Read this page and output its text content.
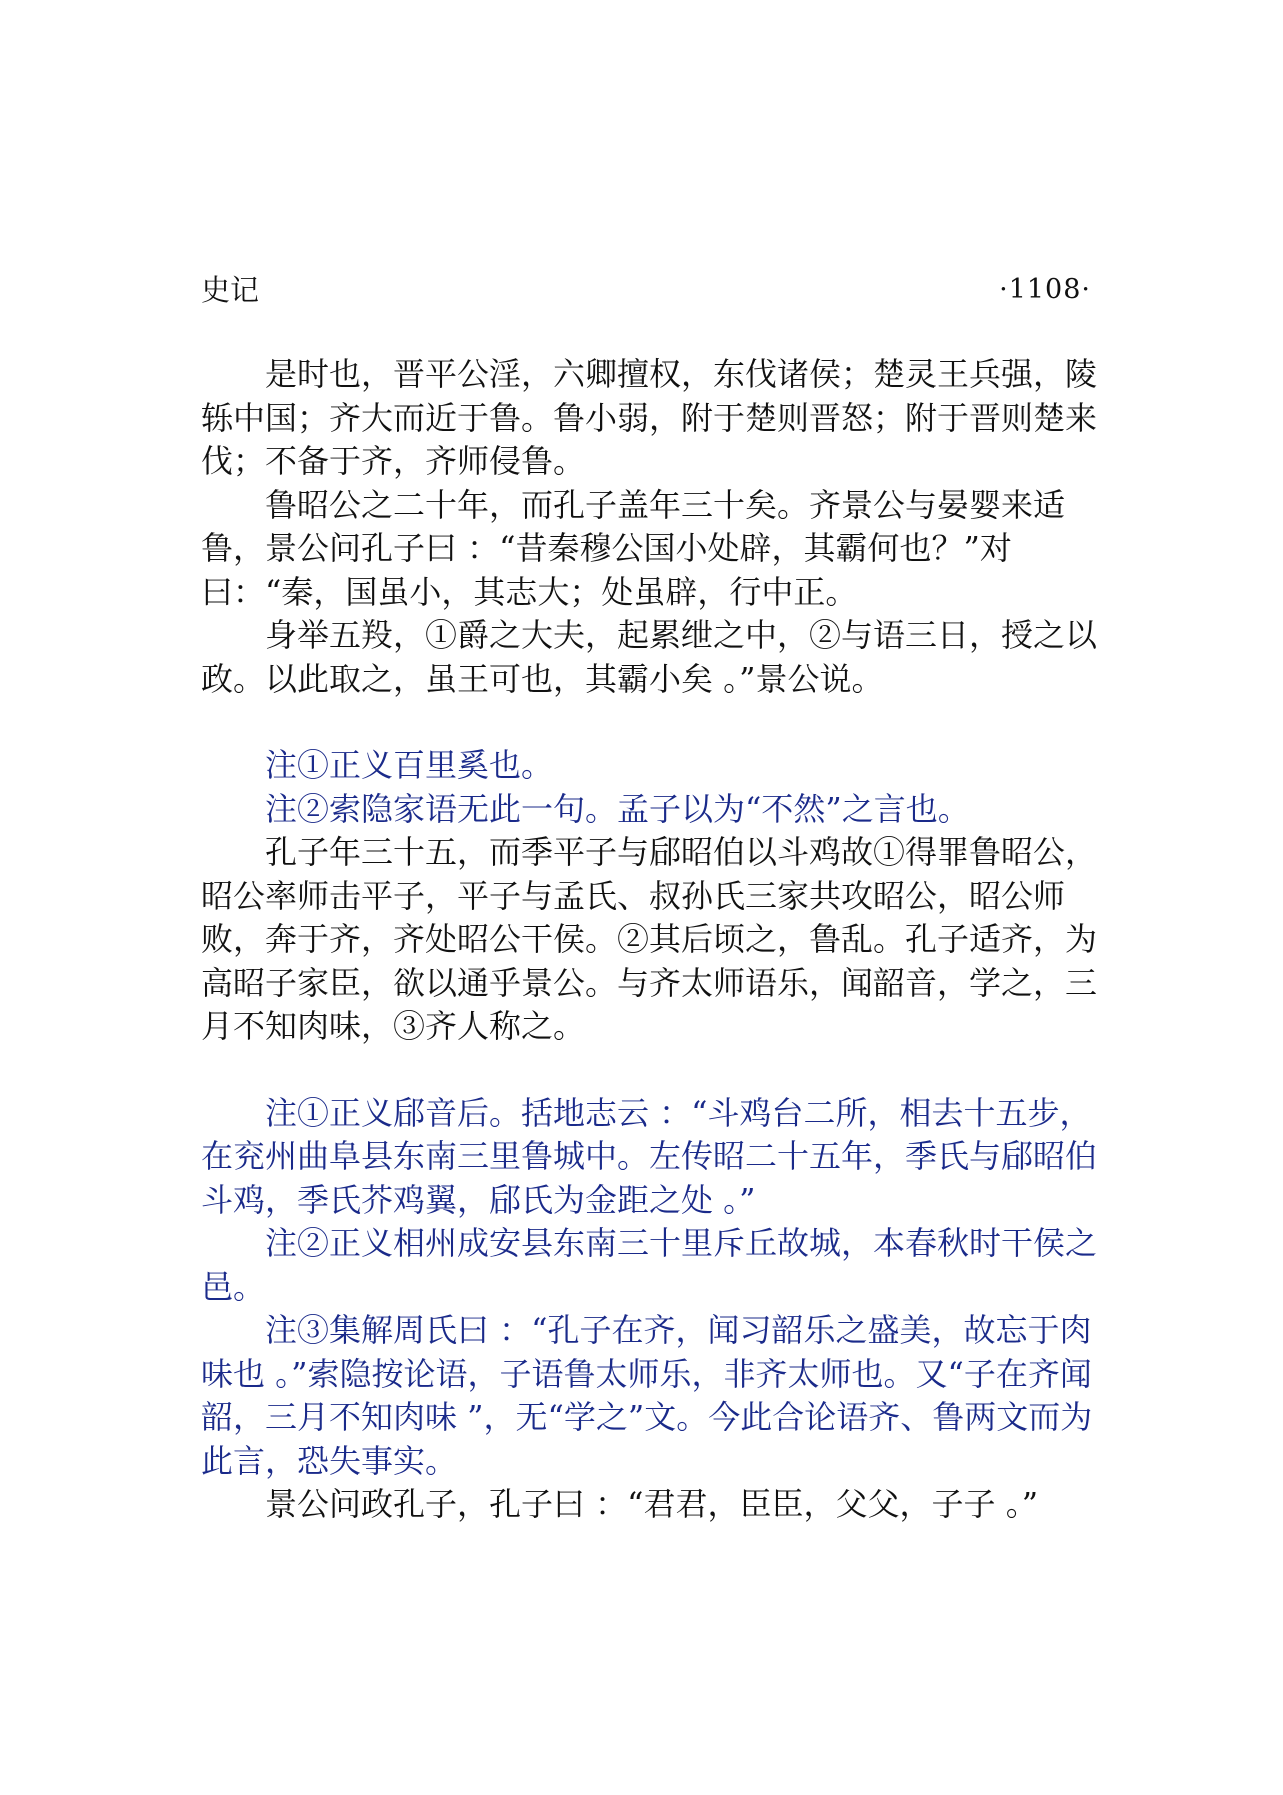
史记	·1108·

是时也，晋平公淫，六卿擅权，东伐诸侯；楚灵王兵强，陵轹中国；齐大而近于鲁。鲁小弱，附于楚则晋怒；附于晋则楚来伐；不备于齐，齐师侵鲁。

鲁昭公之二十年，而孔子盖年三十矣。齐景公与晏婴来适鲁，景公问孔子曰 ：“昔秦穆公国小处辟，其霸何也？”对曰：“秦，国虽小，其志大；处虽辟，行中正。

身举五羖，①爵之大夫，起累绁之中，②与语三日，授之以政。以此取之，虽王可也，其霸小矣 。”景公说。

注①正义百里奚也。

注②索隐家语无此一句。孟子以为“不然”之言也。

孔子年三十五，而季平子与郈昭伯以斗鸡故①得罪鲁昭公，昭公率师击平子，平子与孟氏、叔孙氏三家共攻昭公，昭公师败，奔于齐，齐处昭公干侯。②其后顷之，鲁乱。孔子适齐，为高昭子家臣，欲以通乎景公。与齐太师语乐，闻韶音，学之，三月不知肉味，③齐人称之。

注①正义郈音后。括地志云 ：“斗鸡台二所，相去十五步，在兖州曲阜县东南三里鲁城中。左传昭二十五年，季氏与郈昭伯斗鸡，季氏芥鸡翼，郈氏为金距之处 。”

注②正义相州成安县东南三十里斥丘故城，本春秋时干侯之邑。

注③集解周氏曰 ：“孔子在齐，闻习韶乐之盛美，故忘于肉味也 。”索隐按论语，子语鲁太师乐，非齐太师也。又“子在齐闻韶，三月不知肉味 ”，无“学之”文。今此合论语齐、鲁两文而为此言，恐失事实。

景公问政孔子，孔子曰 ：“君君，臣臣，父父，子子 。”
